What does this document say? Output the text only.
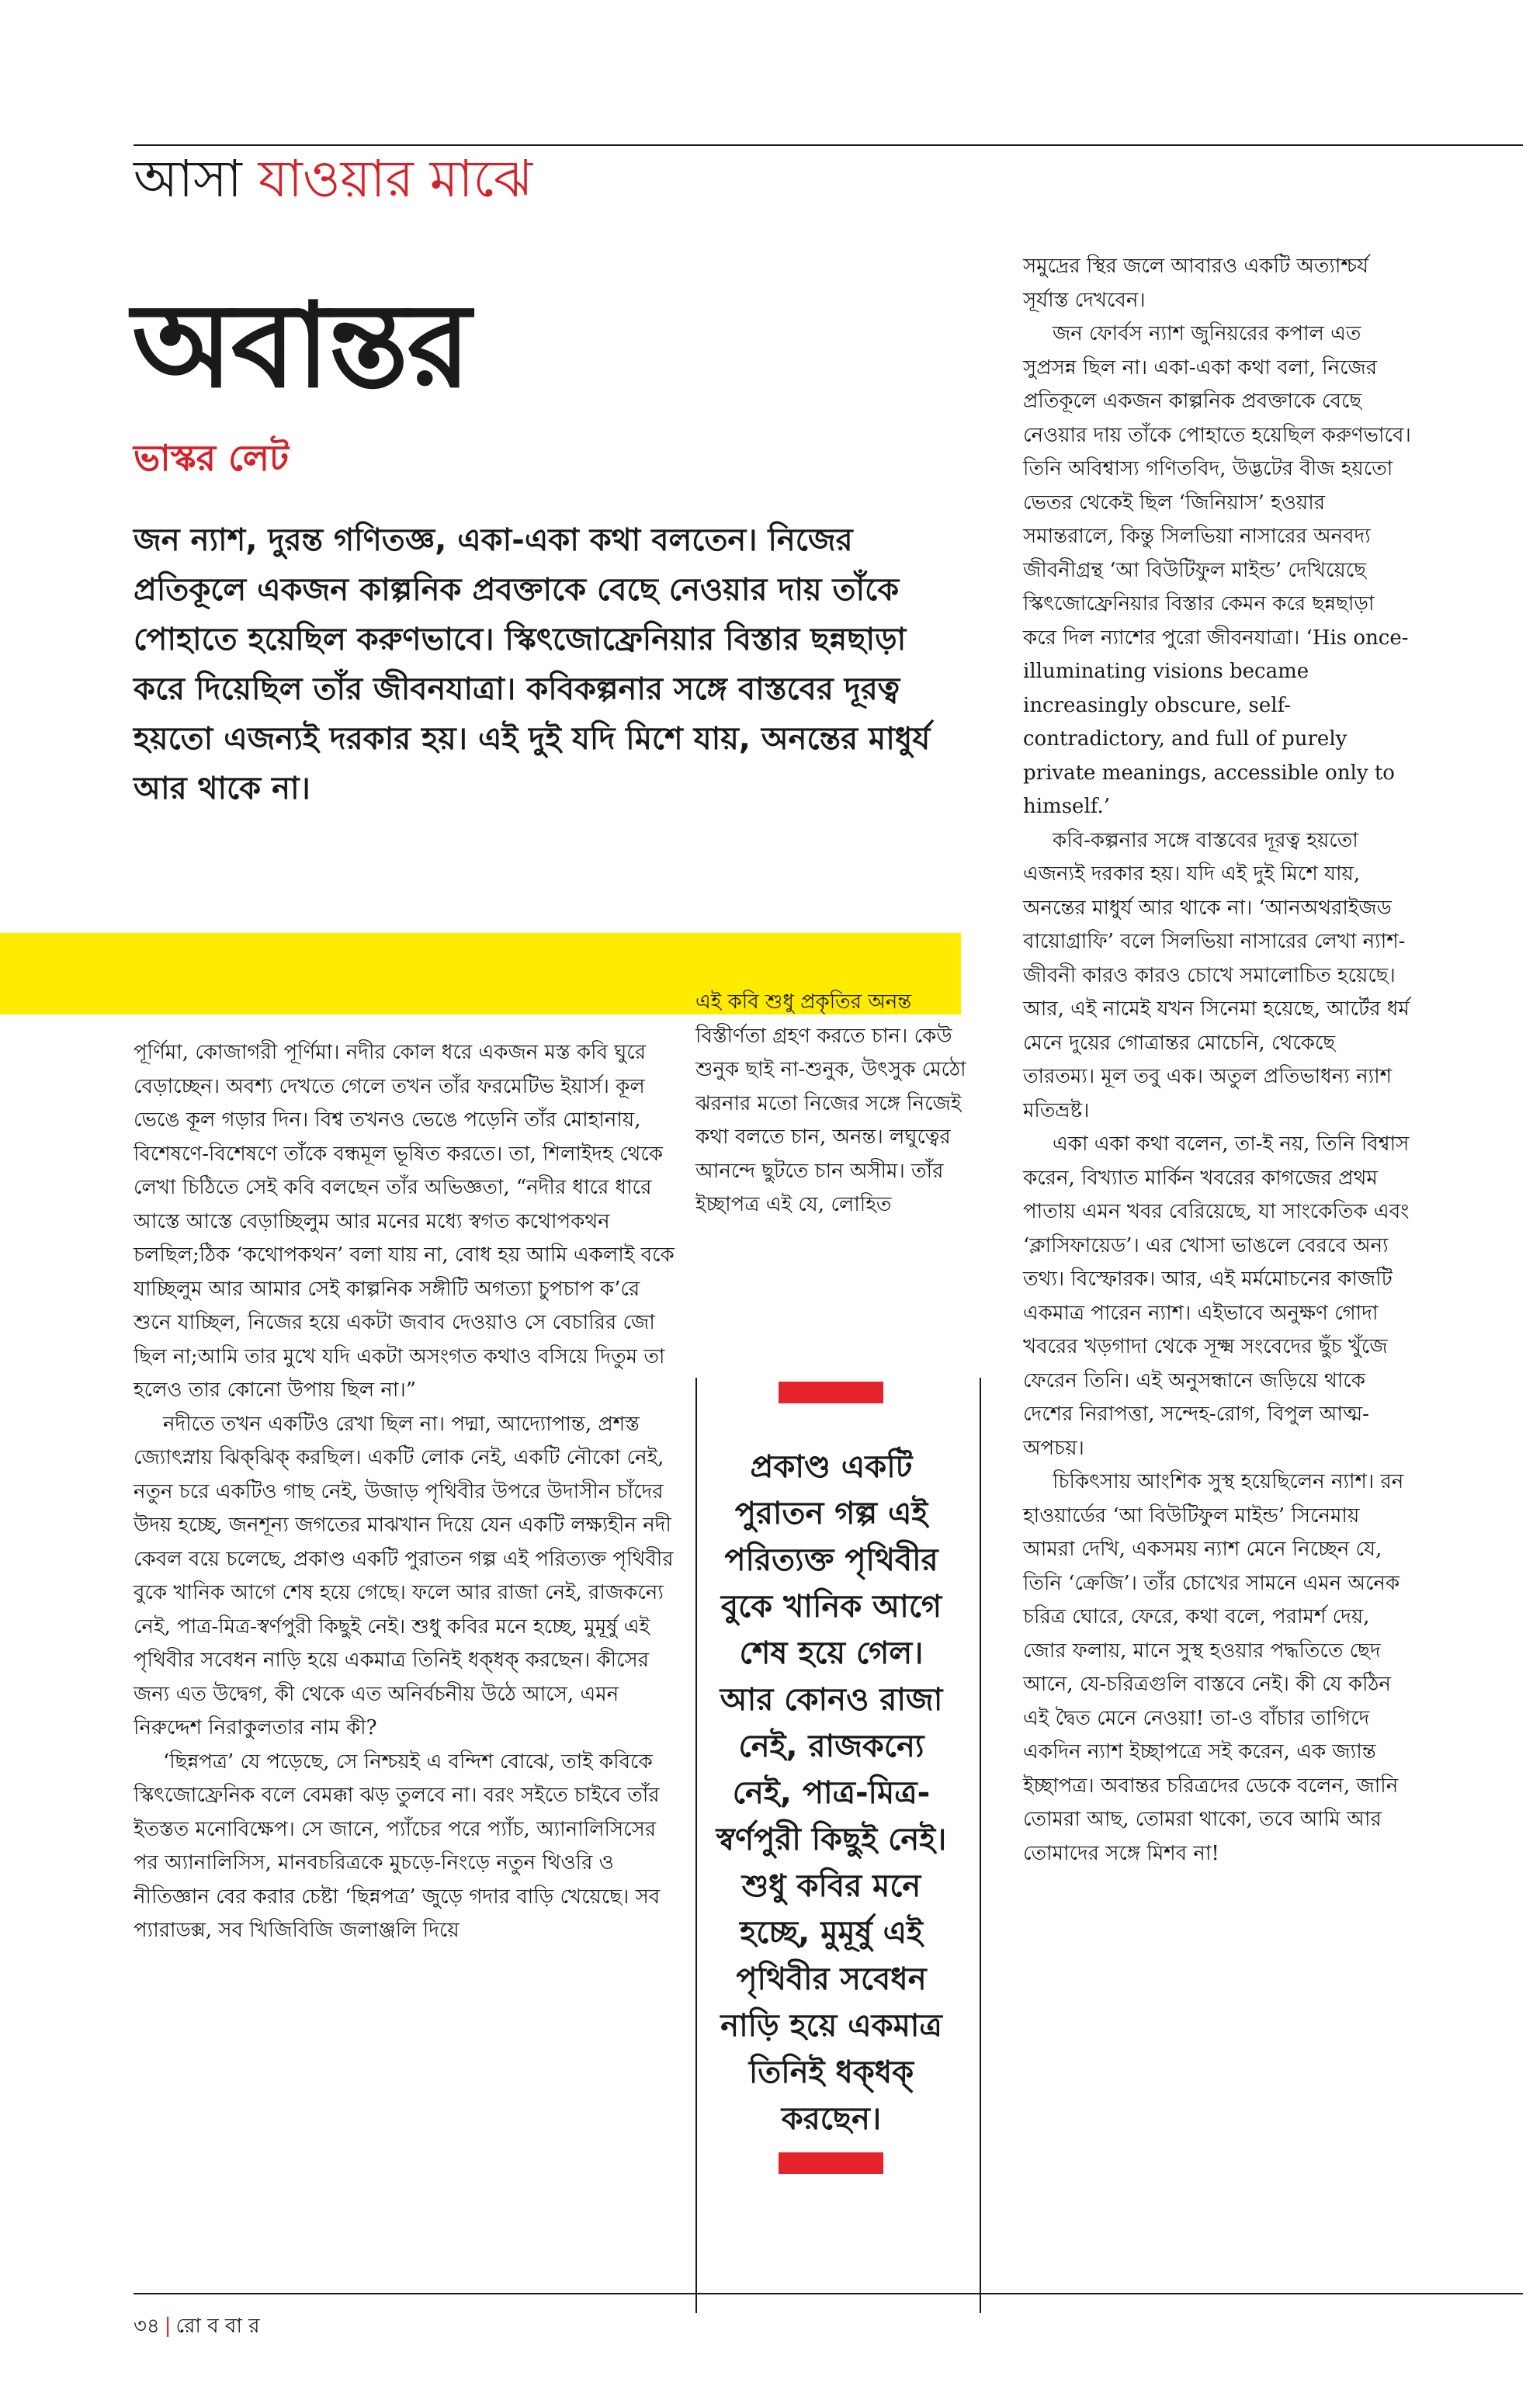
আসা যাওয়ার মাঝে
অবান্তর
ভাস্কর লেট
জন ন্যাশ, দুরন্ত গণিতজ্ঞ, একা-একা কথা বলতেন। নিজের প্রতিকূলে একজন কাল্পনিক প্রবক্তাকে বেছে নেওয়ার দায় তাঁকে পোহাতে হয়েছিল করুণভাবে। স্কিৎজোফ্রেনিয়ার বিস্তার ছন্নছাড়া করে দিয়েছিল তাঁর জীবনযাত্রা। কবিকল্পনার সঙ্গে বাস্তবের দূরত্ব হয়তো এজন্যই দরকার হয়। এই দুই যদি মিশে যায়, অনন্তের মাধুর্য আর থাকে না।

পূর্ণিমা, কোজাগরী পূর্ণিমা। নদীর কোল ধরে একজন মস্ত কবি ঘুরে বেড়াচ্ছেন। অবশ্য দেখতে গেলে তখন তাঁর ফরমেটিভ ইয়ার্স। কূল ভেঙে কূল গড়ার দিন। বিশ্ব তখনও ভেঙে পড়েনি তাঁর মোহানায়, বিশেষণে-বিশেষণে তাঁকে বন্ধমূল ভূষিত করতে। তা, শিলাইদহ থেকে লেখা চিঠিতে সেই কবি বলছেন তাঁর অভিজ্ঞতা, “নদীর ধারে ধারে আস্তে আস্তে বেড়াচ্ছিলুম আর মনের মধ্যে স্বগত কথোপকথন চলছিল;ঠিক ‘কথোপকথন’ বলা যায় না, বোধ হয় আমি একলাই বকে যাচ্ছিলুম আর আমার সেই কাল্পনিক সঙ্গীটি অগত্যা চুপচাপ ক’রে শুনে যাচ্ছিল, নিজের হয়ে একটা জবাব দেওয়াও সে বেচারির জো ছিল না;আমি তার মুখে যদি একটা অসংগত কথাও বসিয়ে দিতুম তা হলেও তার কোনো উপায় ছিল না।”

নদীতে তখন একটিও রেখা ছিল না। পদ্মা, আদ্যোপান্ত, প্রশস্ত জ্যোৎস্নায় ঝিক্‌ঝিক্‌ করছিল। একটি লোক নেই, একটি নৌকো নেই, নতুন চরে একটিও গাছ নেই, উজাড় পৃথিবীর উপরে উদাসীন চাঁদের উদয় হচ্ছে, জনশূন্য জগতের মাঝখান দিয়ে যেন একটি লক্ষ্যহীন নদী কেবল বয়ে চলেছে, প্রকাণ্ড একটি পুরাতন গল্প এই পরিত্যক্ত পৃথিবীর বুকে খানিক আগে শেষ হয়ে গেছে। ফলে আর রাজা নেই, রাজকন্যে নেই, পাত্র-মিত্র-স্বর্ণপুরী কিছুই নেই। শুধু কবির মনে হচ্ছে, মুমূর্ষু এই পৃথিবীর সবেধন নাড়ি হয়ে একমাত্র তিনিই ধক্‌ধক্‌ করছেন। কীসের জন্য এত উদ্বেগ, কী থেকে এত অনির্বচনীয় উঠে আসে, এমন নিরুদ্দেশ নিরাকুলতার নাম কী?

‘ছিন্নপত্র’ যে পড়েছে, সে নিশ্চয়ই এ বন্দিশ বোঝে, তাই কবিকে স্কিৎজোফ্রেনিক বলে বেমক্কা ঝড় তুলবে না। বরং সইতে চাইবে তাঁর ইতস্তত মনোবিক্ষেপ। সে জানে, প্যাঁচের পরে প্যাঁচ, অ্যানালিসিসের পর অ্যানালিসিস, মানবচরিত্রকে মুচড়ে-নিংড়ে নতুন থিওরি ও নীতিজ্ঞান বের করার চেষ্টা ‘ছিন্নপত্র’ জুড়ে গদার বাড়ি খেয়েছে। সব প্যারাডক্স, সব খিজিবিজি জলাঞ্জলি দিয়ে

এই কবি শুধু প্রকৃতির অনন্ত বিস্তীর্ণতা গ্রহণ করতে চান। কেউ শুনুক ছাই না-শুনুক, উৎসুক মেঠো ঝরনার মতো নিজের সঙ্গে নিজেই কথা বলতে চান, অনন্ত। লঘুত্বের আনন্দে ছুটতে চান অসীম। তাঁর ইচ্ছাপত্র এই যে, লোহিত

প্রকাণ্ড একটি পুরাতন গল্প এই পরিত্যক্ত পৃথিবীর বুকে খানিক আগে শেষ হয়ে গেল। আর কোনও রাজা নেই, রাজকন্যে নেই, পাত্র-মিত্র-স্বর্ণপুরী কিছুই নেই। শুধু কবির মনে হচ্ছে, মুমূর্ষু এই পৃথিবীর সবেধন নাড়ি হয়ে একমাত্র তিনিই ধক্‌ধক্‌ করছেন।

সমুদ্রের স্থির জলে আবারও একটি অত্যাশ্চর্য সূর্যাস্ত দেখবেন।

জন ফোর্বস ন্যাশ জুনিয়রের কপাল এত সুপ্রসন্ন ছিল না। একা-একা কথা বলা, নিজের প্রতিকূলে একজন কাল্পনিক প্রবক্তাকে বেছে নেওয়ার দায় তাঁকে পোহাতে হয়েছিল করুণভাবে। তিনি অবিশ্বাস্য গণিতবিদ, উদ্ভটের বীজ হয়তো ভেতর থেকেই ছিল ‘জিনিয়াস’ হওয়ার সমান্তরালে, কিন্তু সিলভিয়া নাসারের অনবদ্য জীবনীগ্রন্থ ‘আ বিউটিফুল মাইন্ড’ দেখিয়েছে স্কিৎজোফ্রেনিয়ার বিস্তার কেমন করে ছন্নছাড়া করে দিল ন্যাশের পুরো জীবনযাত্রা। ‘His once-illuminating visions became increasingly obscure, self-contradictory, and full of purely private meanings, accessible only to himself.’

কবি-কল্পনার সঙ্গে বাস্তবের দূরত্ব হয়তো এজন্যই দরকার হয়। যদি এই দুই মিশে যায়, অনন্তের মাধুর্য আর থাকে না। ‘আনঅথরাইজড বায়োগ্রাফি’ বলে সিলভিয়া নাসারের লেখা ন্যাশ-জীবনী কারও কারও চোখে সমালোচিত হয়েছে। আর, এই নামেই যখন সিনেমা হয়েছে, আর্টের ধর্ম মেনে দুয়ের গোত্রান্তর মোচেনি, থেকেছে তারতম্য। মূল তবু এক। অতুল প্রতিভাধন্য ন্যাশ মতিভ্রষ্ট।

একা একা কথা বলেন, তা-ই নয়, তিনি বিশ্বাস করেন, বিখ্যাত মার্কিন খবরের কাগজের প্রথম পাতায় এমন খবর বেরিয়েছে, যা সাংকেতিক এবং ‘ক্লাসিফায়েড’। এর খোসা ভাঙলে বেরবে অন্য তথ্য। বিস্ফোরক। আর, এই মর্মমোচনের কাজটি একমাত্র পারেন ন্যাশ। এইভাবে অনুক্ষণ গোদা খবরের খড়গাদা থেকে সূক্ষ্ম সংবেদের ছুঁচ খুঁজে ফেরেন তিনি। এই অনুসন্ধানে জড়িয়ে থাকে দেশের নিরাপত্তা, সন্দেহ-রোগ, বিপুল আত্ম-অপচয়।

চিকিৎসায় আংশিক সুস্থ হয়েছিলেন ন্যাশ। রন হাওয়ার্ডের ‘আ বিউটিফুল মাইন্ড’ সিনেমায় আমরা দেখি, একসময় ন্যাশ মেনে নিচ্ছেন যে, তিনি ‘ক্রেজি’। তাঁর চোখের সামনে এমন অনেক চরিত্র ঘোরে, ফেরে, কথা বলে, পরামর্শ দেয়, জোর ফলায়, মানে সুস্থ হওয়ার পদ্ধতিতে ছেদ আনে, যে-চরিত্রগুলি বাস্তবে নেই। কী যে কঠিন এই দ্বৈত মেনে নেওয়া! তা-ও বাঁচার তাগিদে একদিন ন্যাশ ইচ্ছাপত্রে সই করেন, এক জ্যান্ত ইচ্ছাপত্র। অবান্তর চরিত্রদের ডেকে বলেন, জানি তোমরা আছ, তোমরা থাকো, তবে আমি আর তোমাদের সঙ্গে মিশব না!

৩৪ | রো ব বা র
